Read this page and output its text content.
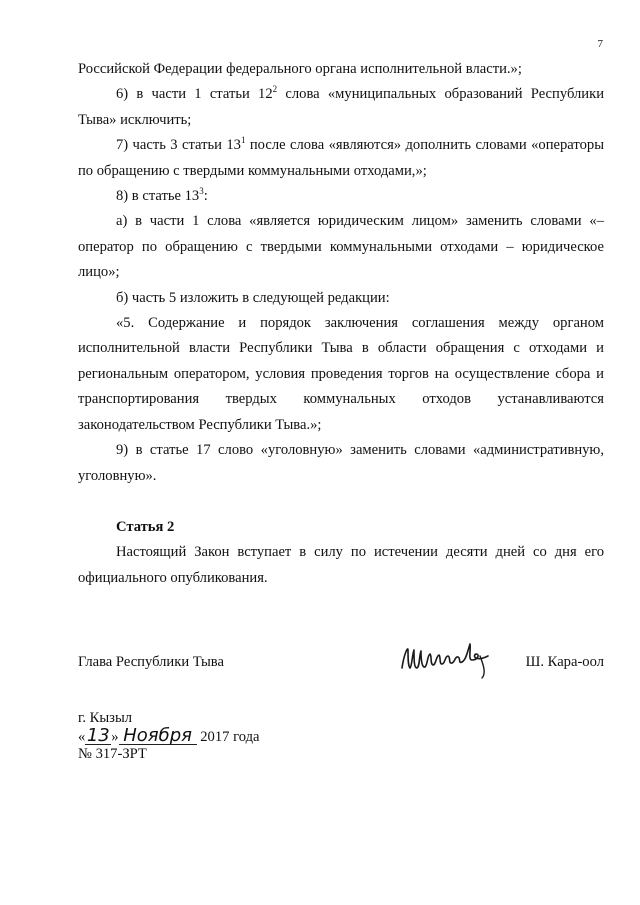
7

Российской Федерации федерального органа исполнительной власти.»;

6) в части 1 статьи $12^2$ слова «муниципальных образований Республики Тыва» исключить;

7) часть 3 статьи $13^1$ после слова «являются» дополнить словами «операторы по обращению с твердыми коммунальными отходами,»;

8) в статье $13^3$:

а) в части 1 слова «является юридическим лицом» заменить словами «– оператор по обращению с твердыми коммунальными отходами – юридическое лицо»;

б) часть 5 изложить в следующей редакции:

«5. Содержание и порядок заключения соглашения между органом исполнительной власти Республики Тыва в области обращения с отходами и региональным оператором, условия проведения торгов на осуществление сбора и транспортирования твердых коммунальных отходов устанавливаются законодательством Республики Тыва.»;

9) в статье 17 слово «уголовную» заменить словами «административную, уголовную».

Статья 2

Настоящий Закон вступает в силу по истечении десяти дней со дня его официального опубликования.

Глава Республики Тыва	Ш. Кара-оол
г. Кызыл
«13 » Ноября 2017 года
№ 317-ЗРТ
